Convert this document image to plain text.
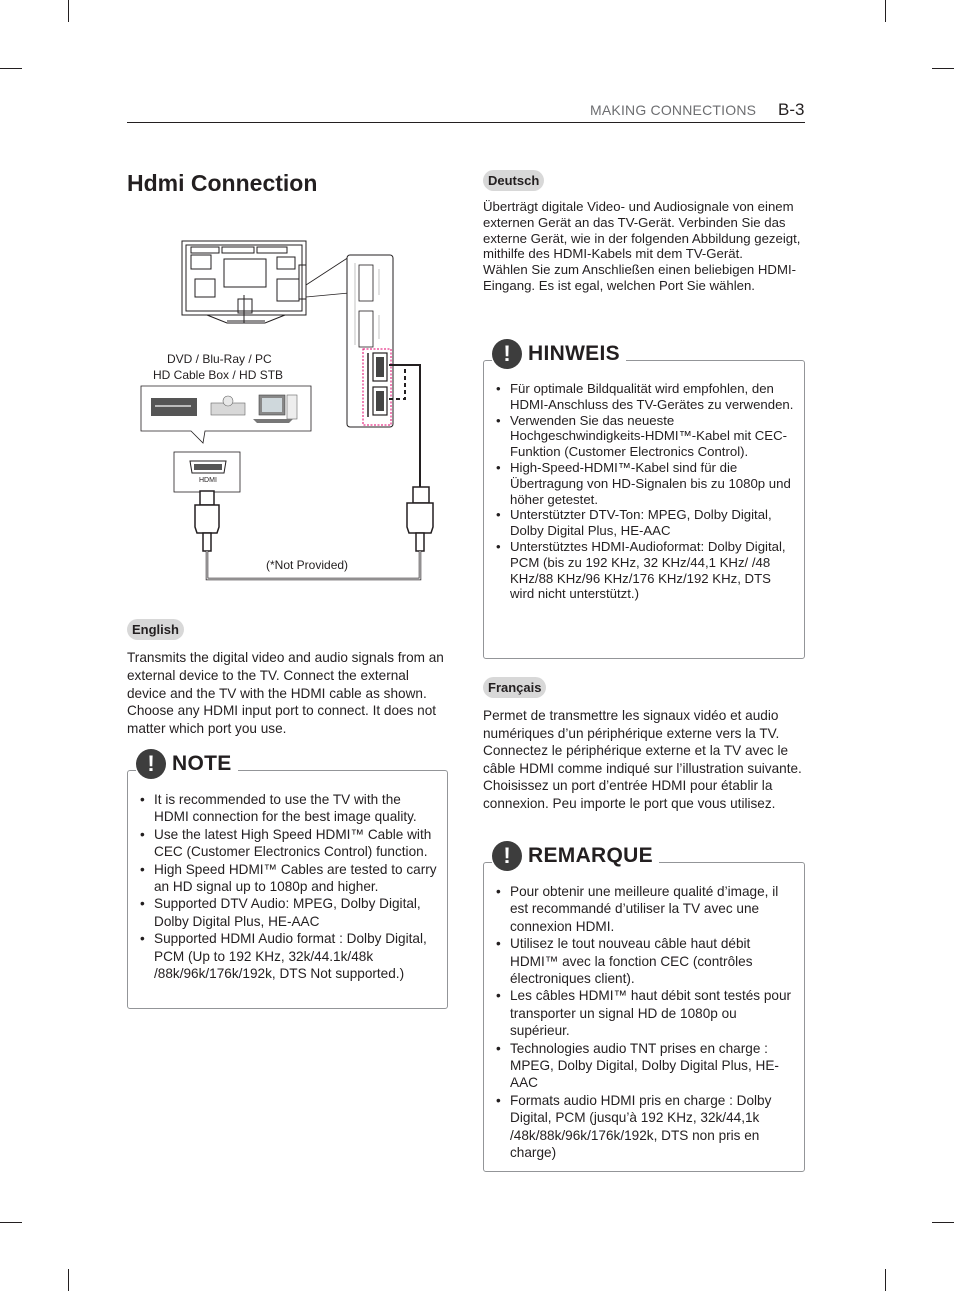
MAKING CONNECTIONS B-3
Hdmi Connection
DVD / Blu-Ray / PC
HD Cable Box / HD STB
HDMI
(*Not Provided)
English

Transmits the digital video and audio signals from an external device to the TV. Connect the external device and the TV with the HDMI cable as shown. Choose any HDMI input port to connect. It does not matter which port you use.

! NOTE
• It is recommended to use the TV with the HDMI connection for the best image quality.
• Use the latest High Speed HDMI™ Cable with CEC (Customer Electronics Control) function.
• High Speed HDMI™ Cables are tested to carry an HD signal up to 1080p and higher.
• Supported DTV Audio: MPEG, Dolby Digital, Dolby Digital Plus, HE-AAC
• Supported HDMI Audio format : Dolby Digital, PCM (Up to 192 KHz, 32k/44.1k/48k /88k/96k/176k/192k, DTS Not supported.)
Deutsch

Überträgt digitale Video- und Audiosignale von einem externen Gerät an das TV-Gerät. Verbinden Sie das externe Gerät, wie in der folgenden Abbildung gezeigt, mithilfe des HDMI-Kabels mit dem TV-Gerät.
Wählen Sie zum Anschließen einen beliebigen HDMI-Eingang. Es ist egal, welchen Port Sie wählen.

! HINWEIS
• Für optimale Bildqualität wird empfohlen, den HDMI-Anschluss des TV-Gerätes zu verwenden.
• Verwenden Sie das neueste Hochgeschwindigkeits-HDMI™-Kabel mit CEC-Funktion (Customer Electronics Control).
• High-Speed-HDMI™-Kabel sind für die Übertragung von HD-Signalen bis zu 1080p und höher getestet.
• Unterstützter DTV-Ton: MPEG, Dolby Digital, Dolby Digital Plus, HE-AAC
• Unterstütztes HDMI-Audioformat: Dolby Digital, PCM (bis zu 192 KHz, 32 KHz/44,1 KHz/ /48 KHz/88 KHz/96 KHz/176 KHz/192 KHz, DTS wird nicht unterstützt.)
Français

Permet de transmettre les signaux vidéo et audio numériques d’un périphérique externe vers la TV. Connectez le périphérique externe et la TV avec le câble HDMI comme indiqué sur l’illustration suivante.
Choisissez un port d’entrée HDMI pour établir la connexion. Peu importe le port que vous utilisez.

! REMARQUE
• Pour obtenir une meilleure qualité d’image, il est recommandé d’utiliser la TV avec une connexion HDMI.
• Utilisez le tout nouveau câble haut débit HDMI™ avec la fonction CEC (contrôles électroniques client).
• Les câbles HDMI™ haut débit sont testés pour transporter un signal HD de 1080p ou supérieur.
• Technologies audio TNT prises en charge : MPEG, Dolby Digital, Dolby Digital Plus, HE-AAC
• Formats audio HDMI pris en charge : Dolby Digital, PCM (jusqu’à 192 KHz, 32k/44,1k /48k/88k/96k/176k/192k, DTS non pris en charge)
